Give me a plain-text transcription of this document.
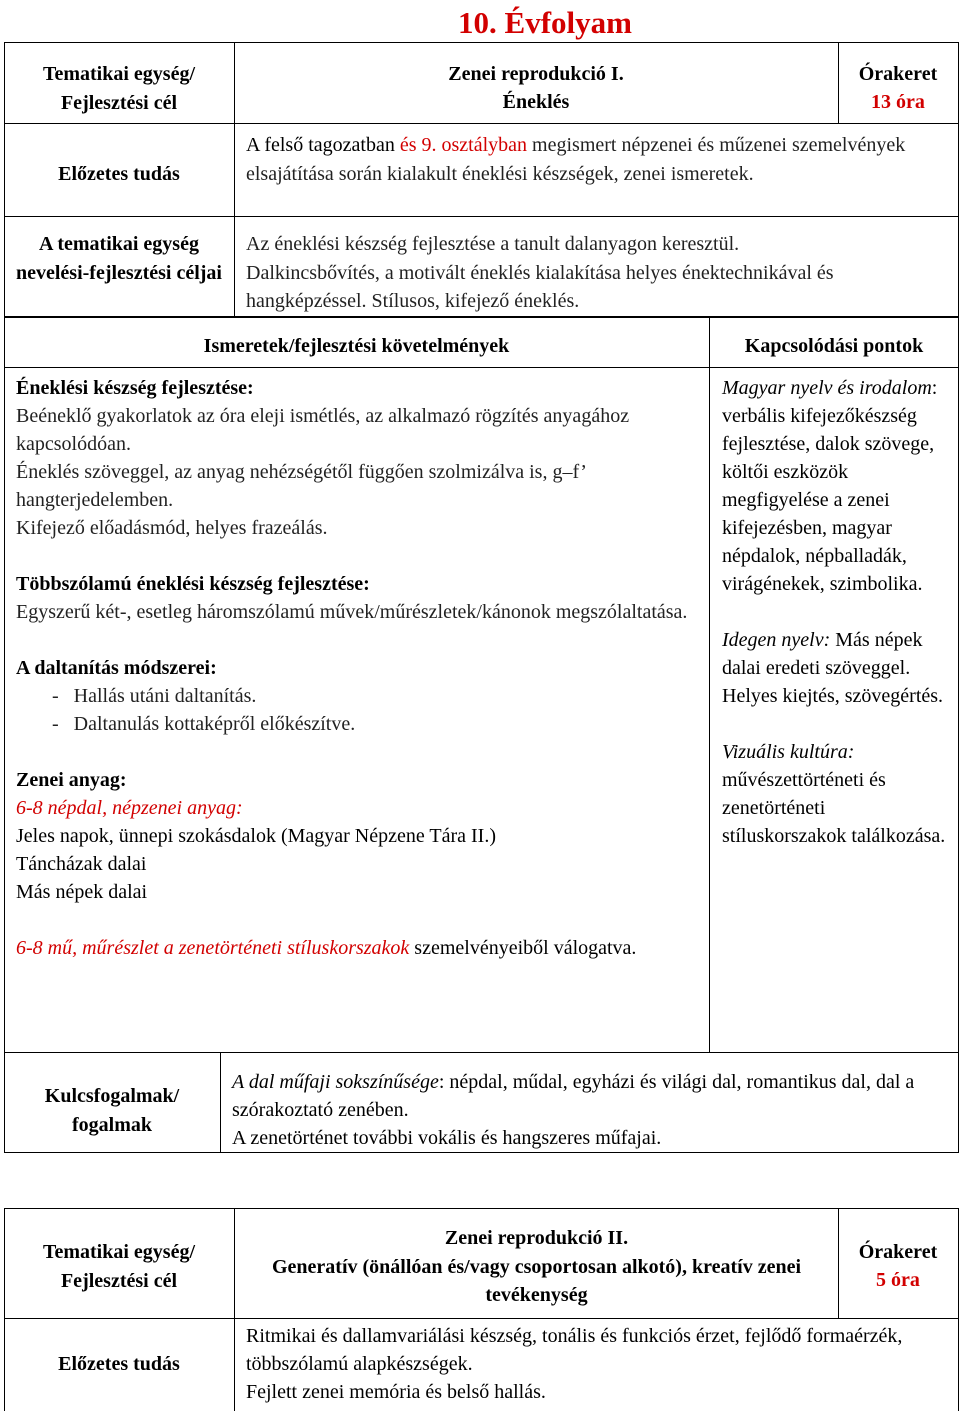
10. Évfolyam
Tematikai egység/ Fejlesztési cél
Zenei reprodukció I.
Éneklés
Órakeret
13 óra
Előzetes tudás
A felső tagozatban és 9. osztályban megismert népzenei és műzenei szemelvények elsajátítása során kialakult éneklési készségek, zenei ismeretek.
A tematikai egység nevelési-fejlesztési céljai

Az éneklési készség fejlesztése a tanult dalanyagon keresztül.

Dalkincsbővítés, a motivált éneklés kialakítása helyes énektechnikával és hangképzéssel. Stílusos, kifejező éneklés.

Ismeretek/fejlesztési követelmények	Kapcsolódási pontok

Éneklési készség fejlesztése:

Beéneklő gyakorlatok az óra eleji ismétlés, az alkalmazó rögzítés anyagához kapcsolódóan.

Éneklés szöveggel, az anyag nehézségétől függően szolmizálva is, g–f’ hangterjedelemben.

Kifejező előadásmód, helyes frazeálás.

Többszólamú éneklési készség fejlesztése:

Egyszerű két-, esetleg háromszólamú művek/műrészletek/kánonok megszólaltatása.

A daltanítás módszerei:

-   Hallás utáni daltanítás.

-   Daltanulás kottaképről előkészítve.

Zenei anyag:

6-8 népdal, népzenei anyag:

Jeles napok, ünnepi szokásdalok (Magyar Népzene Tára II.)

Táncházak dalai

Más népek dalai

6-8 mű, műrészlet a zenetörténeti stíluskorszakok szemelvényeiből válogatva.

Magyar nyelv és irodalom: verbális kifejezőkészség fejlesztése, dalok szövege, költői eszközök megfigyelése a zenei kifejezésben, magyar népdalok, népballadák, virágénekek, szimbolika.

Idegen nyelv: Más népek dalai eredeti szöveggel. Helyes kiejtés, szövegértés.

Vizuális kultúra: művészettörténeti és zenetörténeti stíluskorszakok találkozása.

Kulcsfogalmak/ fogalmak

A dal műfaji sokszínűsége: népdal, műdal, egyházi és világi dal, romantikus dal, dal a szórakoztató zenében.

A zenetörténet további vokális és hangszeres műfajai.

Tematikai egység/ Fejlesztési cél

Zenei reprodukció II.

Generatív (önállóan és/vagy csoportosan alkotó), kreatív zenei tevékenység

Órakeret
5 óra
Előzetes tudás

Ritmikai és dallamvariálási készség, tonális és funkciós érzet, fejlődő formaérzék, többszólamú alapkészségek.

Fejlett zenei memória és belső hallás.
